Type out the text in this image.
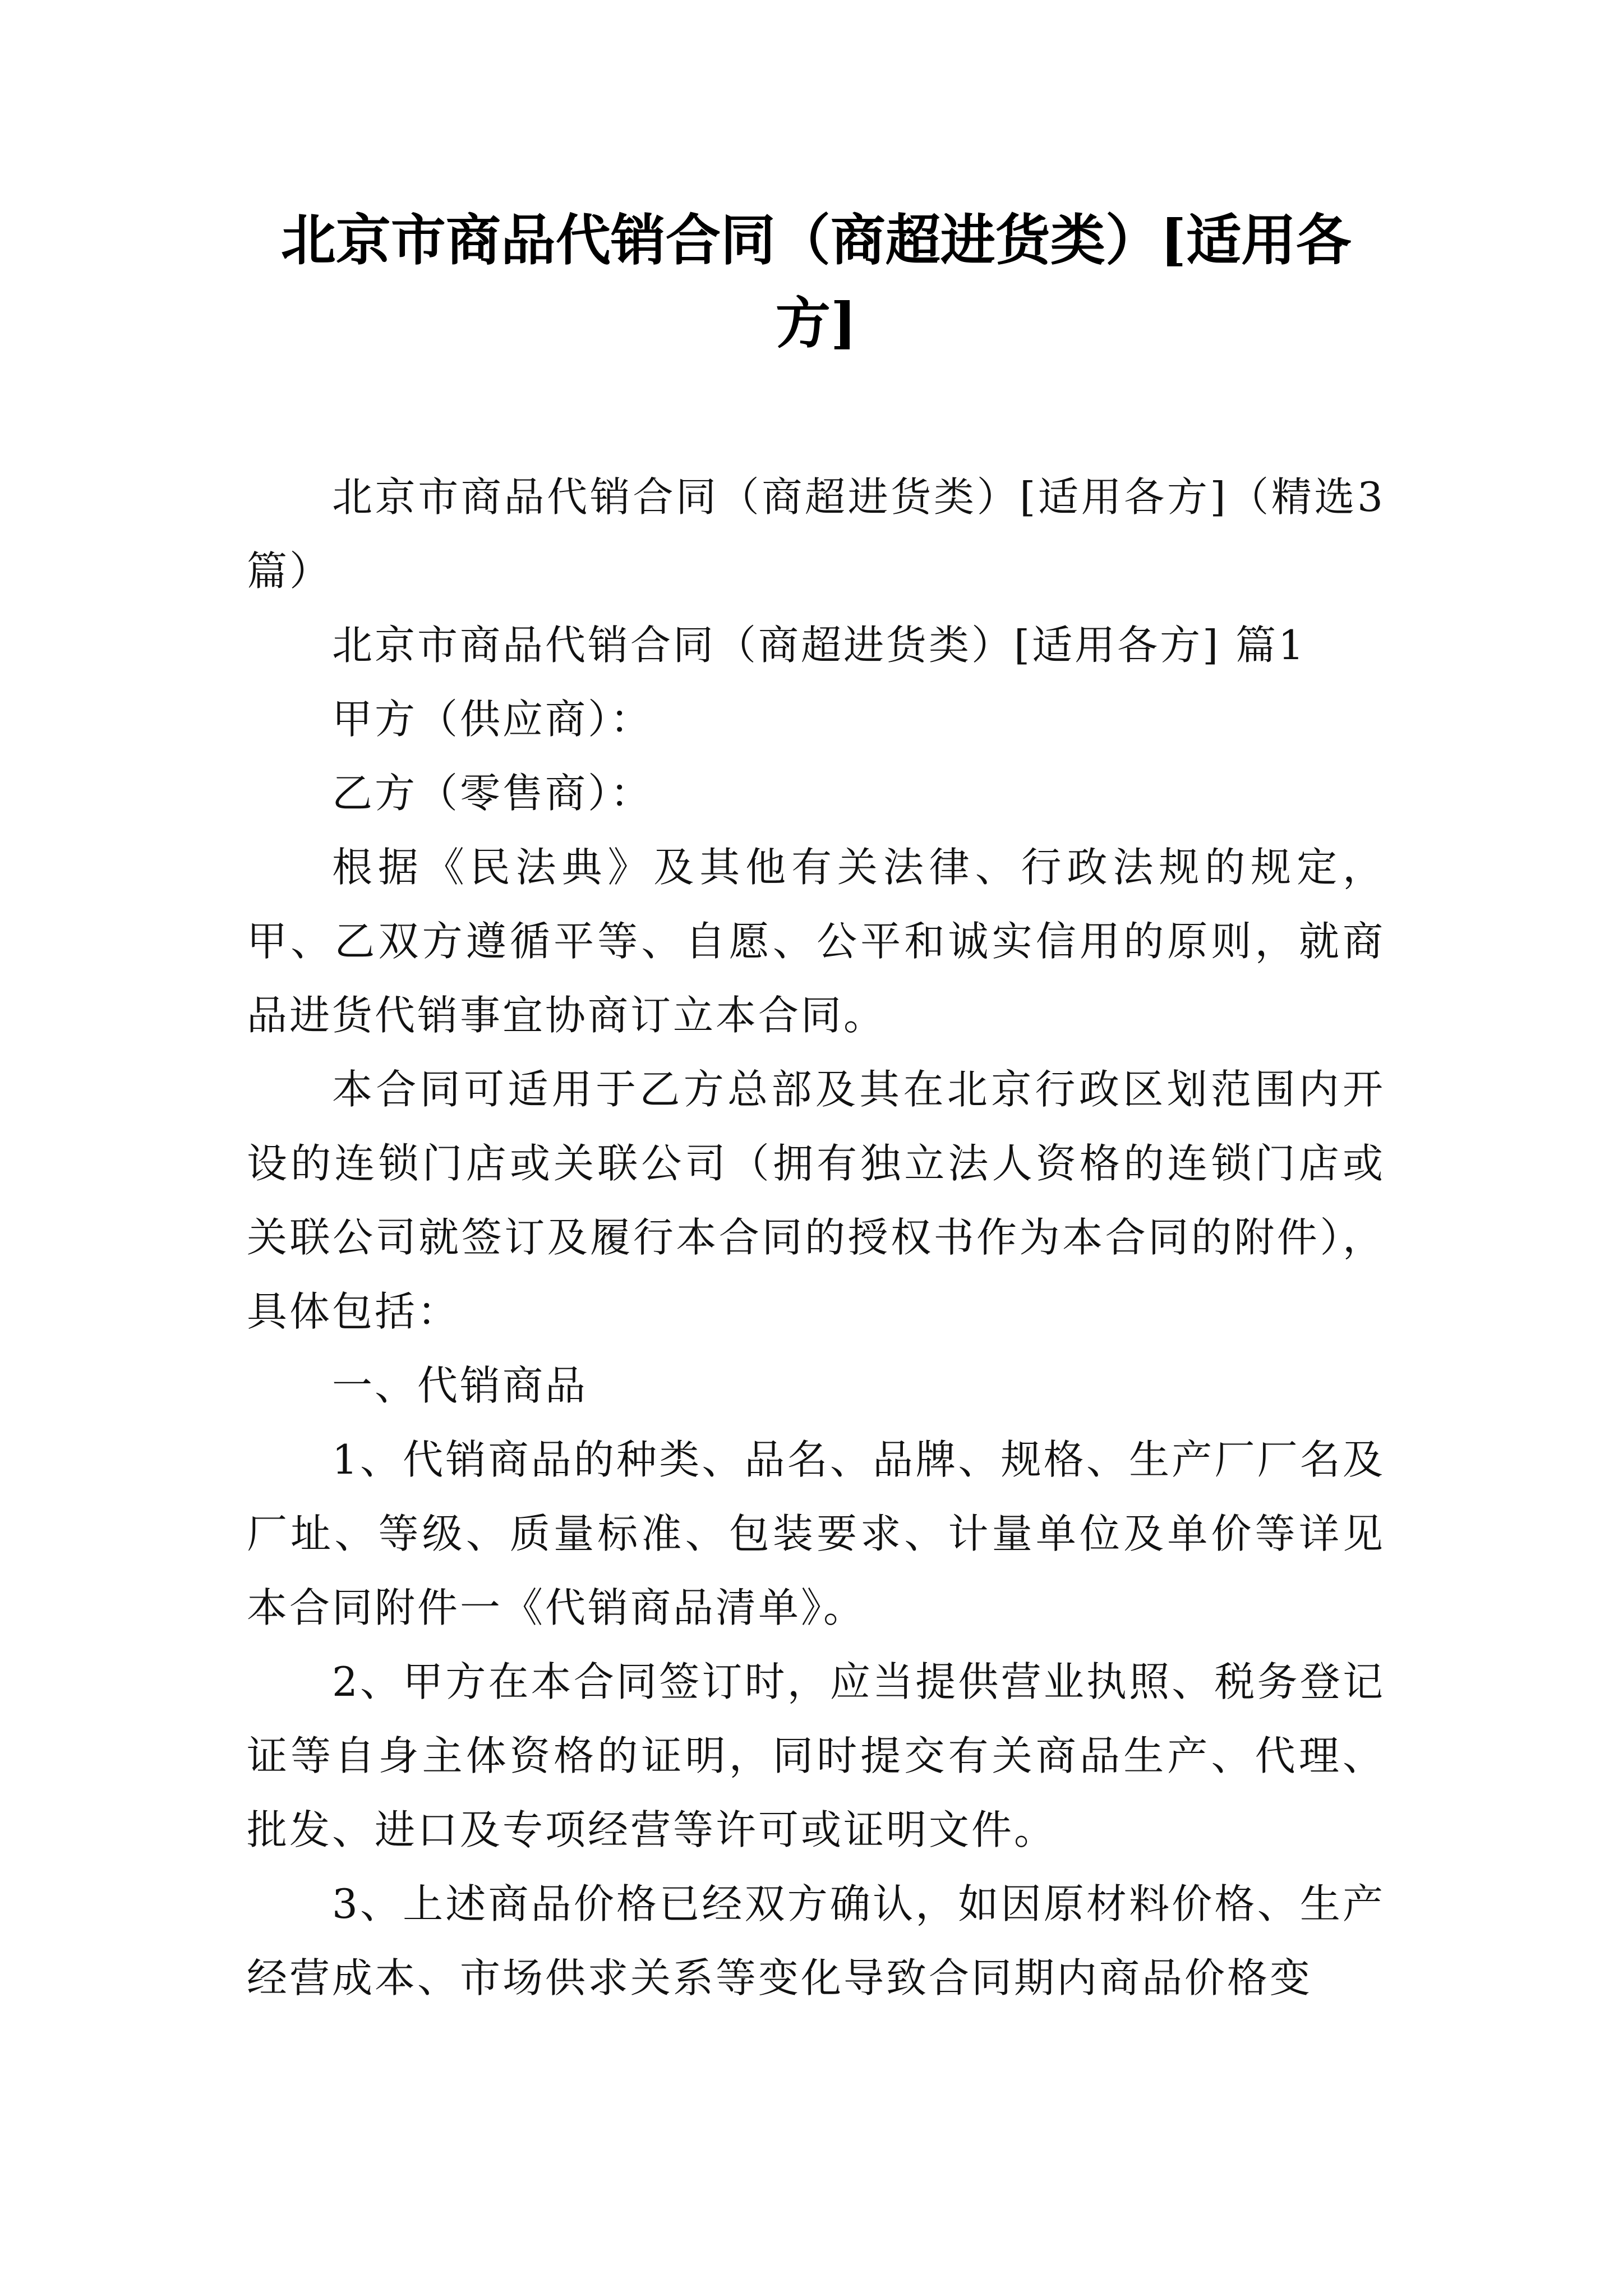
北京市商品代销合同（商超进货类）[适用各方]

北京市商品代销合同（商超进货类）[适用各方]（精选3篇）

北京市商品代销合同（商超进货类）[适用各方] 篇1

甲方（供应商）：

乙方（零售商）：

根据《民法典》及其他有关法律、行政法规的规定，甲、乙双方遵循平等、自愿、公平和诚实信用的原则，就商品进货代销事宜协商订立本合同。

本合同可适用于乙方总部及其在北京行政区划范围内开设的连锁门店或关联公司（拥有独立法人资格的连锁门店或关联公司就签订及履行本合同的授权书作为本合同的附件），具体包括：

一、代销商品

1、代销商品的种类、品名、品牌、规格、生产厂厂名及厂址、等级、质量标准、包装要求、计量单位及单价等详见本合同附件一《代销商品清单》。

2、甲方在本合同签订时，应当提供营业执照、税务登记证等自身主体资格的证明，同时提交有关商品生产、代理、批发、进口及专项经营等许可或证明文件。

3、上述商品价格已经双方确认，如因原材料价格、生产经营成本、市场供求关系等变化导致合同期内商品价格变
